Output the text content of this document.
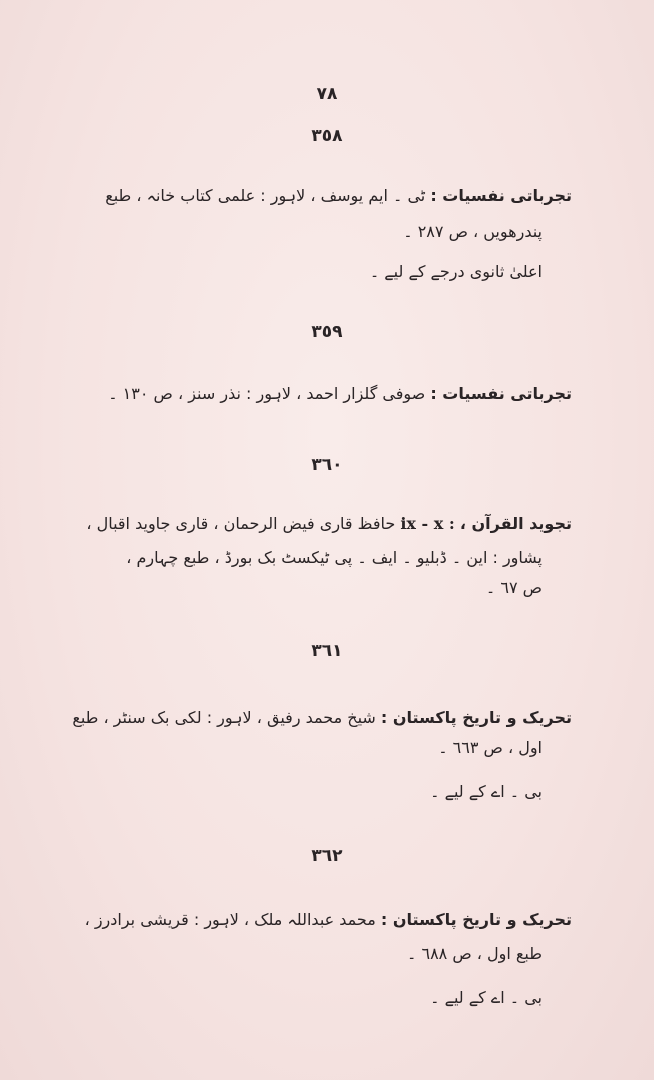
٧٨
٣٥٨
تجرباتی نفسیات : ٹی ۔ ایم یوسف ، لاہور : علمی کتاب خانہ ، طبع
پندرھویں ، ص ٢٨٧ ۔
اعلیٰ ثانوی درجے کے لیے ۔
٣٥٩
تجرباتی نفسیات : صوفی گلزار احمد ، لاہور : نذر سنز ، ص ١٣٠ ۔
٣٦٠
تجوید القرآن ، ix - x : حافظ قاری فیض الرحمان ، قاری جاوید اقبال ،
پشاور : این ۔ ڈبلیو ۔ ایف ۔ پی ٹیکسٹ بک بورڈ ، طبع چہارم ،
ص ٦٧ ۔
٣٦١
تحریک و تاریخ پاکستان : شیخ محمد رفیق ، لاہور : لکی بک سنٹر ، طبع
اول ، ص ٦٦٣ ۔
بی ۔ اے کے لیے ۔
٣٦٢
تحریک و تاریخ پاکستان : محمد عبداللہ ملک ، لاہور : قریشی برادرز ،
طبع اول ، ص ٦٨٨ ۔
بی ۔ اے کے لیے ۔
